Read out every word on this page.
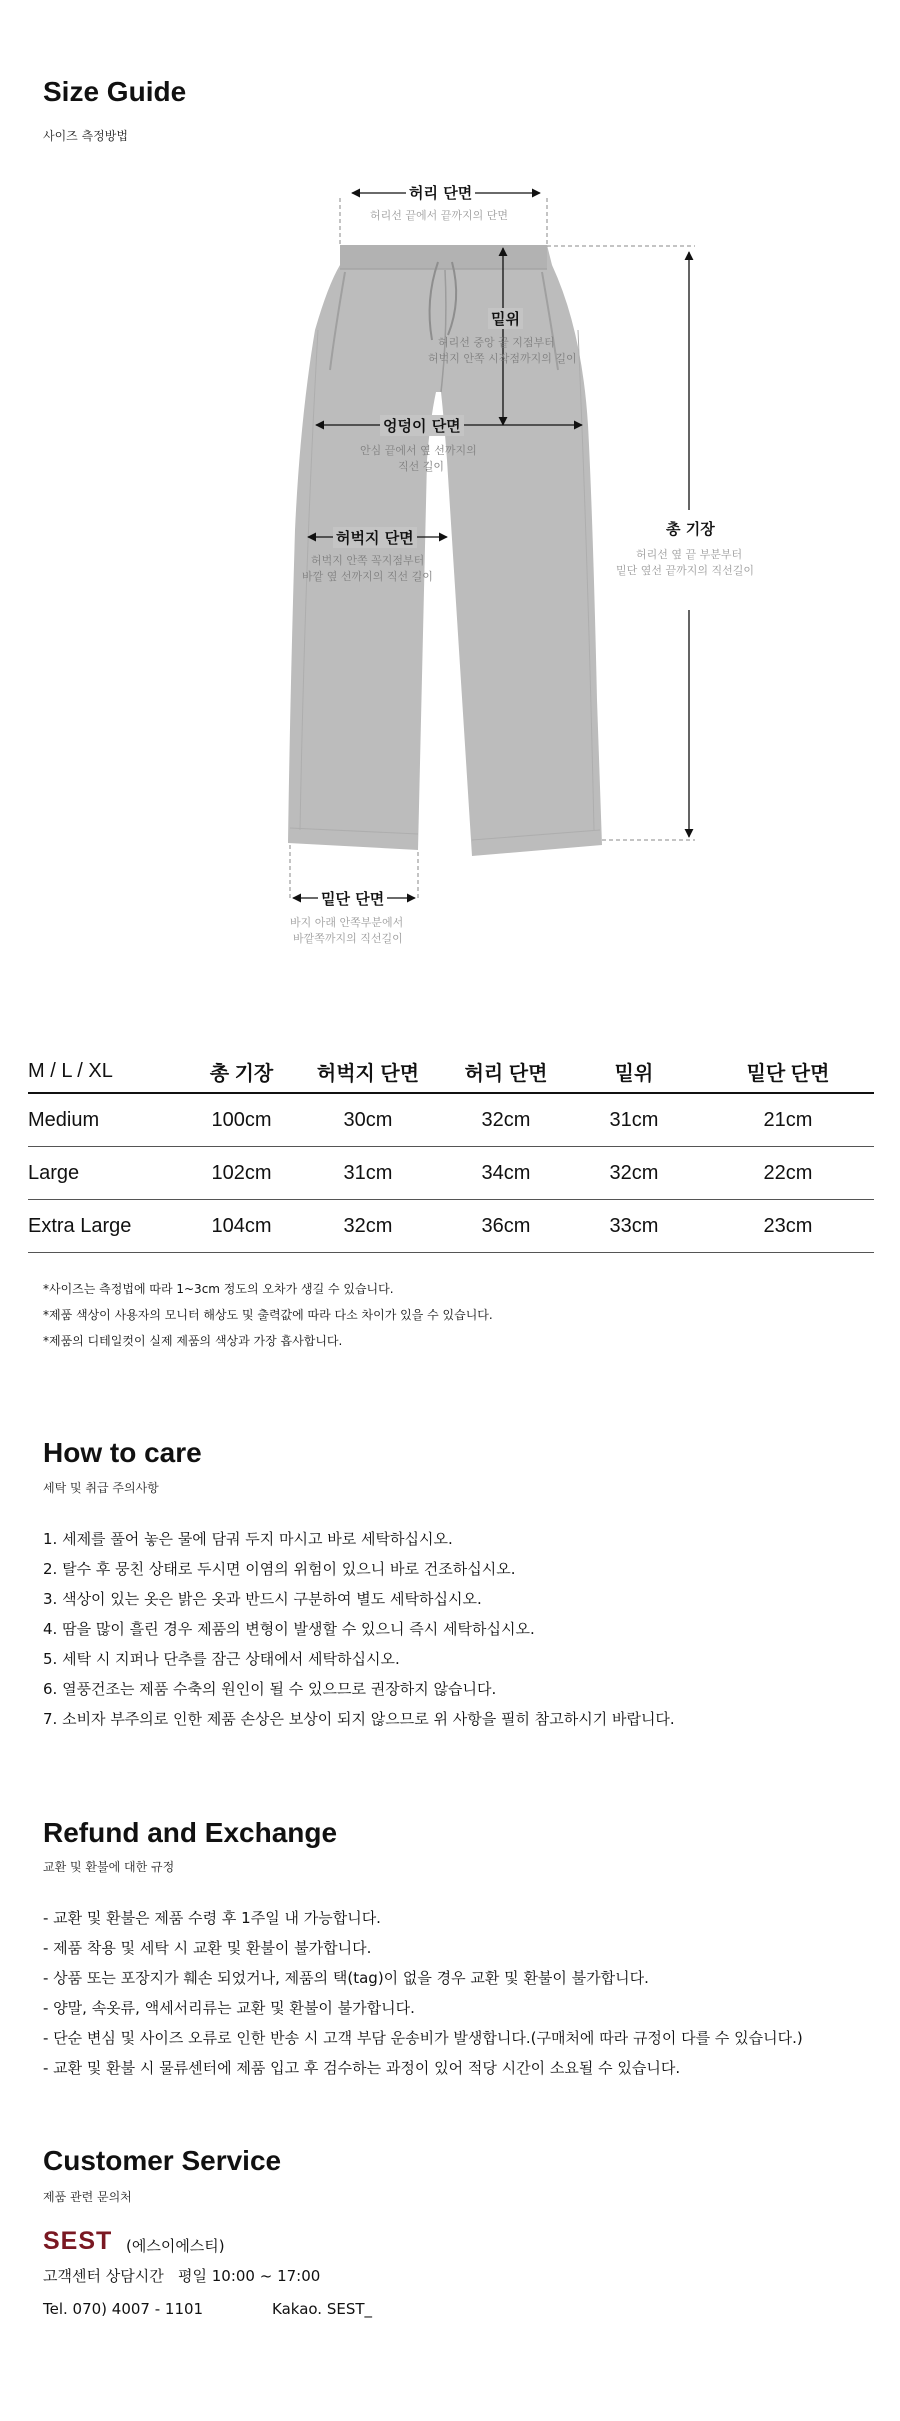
Size Guide

사이즈 측정방법

허리 단면
허리선 끝에서 끝까지의 단면
밑위
허리선 중앙 끝 지점부터
허벅지 안쪽 시작점까지의 길이
엉덩이 단면
안심 끝에서 옆 선까지의
직선 길이
허벅지 단면
허벅지 안쪽 꼭지점부터
바깥 옆 선까지의 직선 길이
총 기장
허리선 옆 끝 부분부터
밑단 옆선 끝까지의 직선길이
밑단 단면
바지 아래 안쪽부분에서
바깥쪽까지의 직선길이
M / L / XL	총 기장	허벅지 단면	허리 단면	밑위	밑단 단면
Medium	100cm	30cm	32cm	31cm	21cm
Large	102cm	31cm	34cm	32cm	22cm
Extra Large	104cm	32cm	36cm	33cm	23cm
*사이즈는 측정법에 따라 1~3cm 정도의 오차가 생길 수 있습니다.
*제품 색상이 사용자의 모니터 해상도 및 출력값에 따라 다소 차이가 있을 수 있습니다.
*제품의 디테일컷이 실제 제품의 색상과 가장 흡사합니다.
How to care

세탁 및 취급 주의사항

1. 세제를 풀어 놓은 물에 담궈 두지 마시고 바로 세탁하십시오.
2. 탈수 후 뭉친 상태로 두시면 이염의 위험이 있으니 바로 건조하십시오.
3. 색상이 있는 옷은 밝은 옷과 반드시 구분하여 별도 세탁하십시오.
4. 땀을 많이 흘린 경우 제품의 변형이 발생할 수 있으니 즉시 세탁하십시오.
5. 세탁 시 지퍼나 단추를 잠근 상태에서 세탁하십시오.
6. 열풍건조는 제품 수축의 원인이 될 수 있으므로 권장하지 않습니다.
7. 소비자 부주의로 인한 제품 손상은 보상이 되지 않으므로 위 사항을 필히 참고하시기 바랍니다.
Refund and Exchange

교환 및 환불에 대한 규정

- 교환 및 환불은 제품 수령 후 1주일 내 가능합니다.
- 제품 착용 및 세탁 시 교환 및 환불이 불가합니다.
- 상품 또는 포장지가 훼손 되었거나, 제품의 택(tag)이 없을 경우 교환 및 환불이 불가합니다.
- 양말, 속옷류, 액세서리류는 교환 및 환불이 불가합니다.
- 단순 변심 및 사이즈 오류로 인한 반송 시 고객 부담 운송비가 발생합니다.(구매처에 따라 규정이 다를 수 있습니다.)
- 교환 및 환불 시 물류센터에 제품 입고 후 검수하는 과정이 있어 적당 시간이 소요될 수 있습니다.
Customer Service

제품 관련 문의처

SEST (에스이에스티)
고객센터 상담시간   평일 10:00 ~ 17:00
Tel. 070) 4007 - 1101	Kakao. SEST_
